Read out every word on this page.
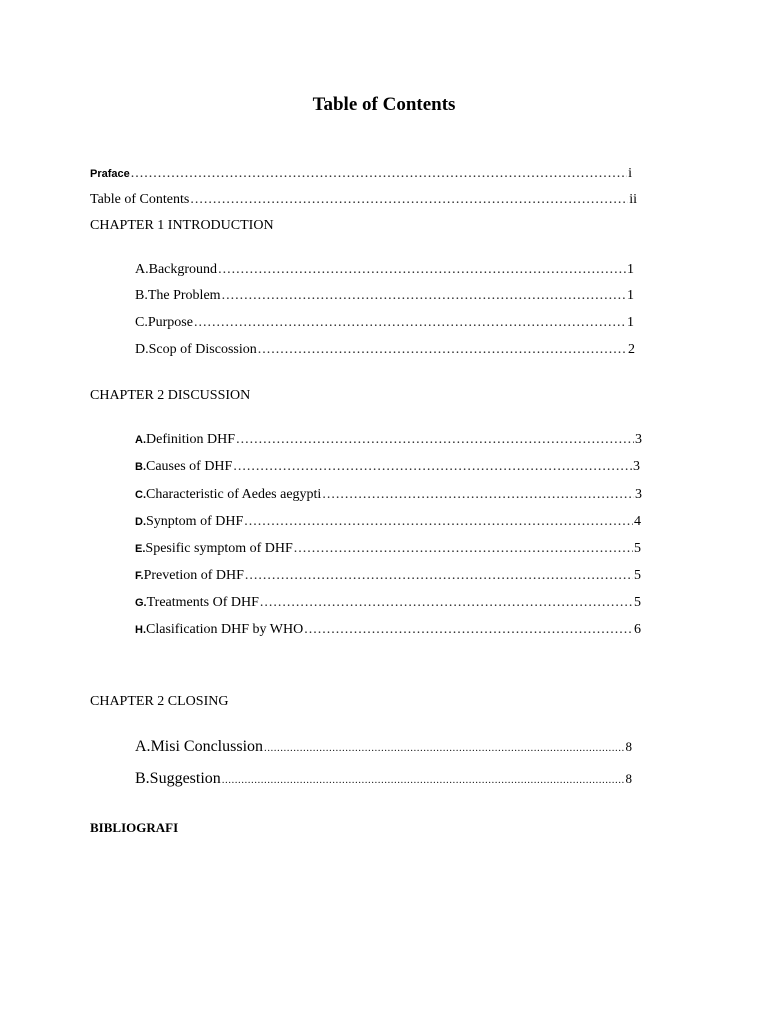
Table of Contents
Praface .....	i
Table of Contents .....	ii
CHAPTER 1 INTRODUCTION
A. Background .....	1
B. The Problem .....	1
C. Purpose .....	1
D. Scop of Discossion .....	2
CHAPTER 2 DISCUSSION
A. Definition DHF .....	3
B. Causes of DHF .....	3
C. Characteristic of Aedes aegypti .....	3
D. Synptom of DHF .....	4
E. Spesific symptom of DHF .....	5
F. Prevetion of DHF .....	5
G. Treatments Of DHF .....	5
H. Clasification DHF by WHO .....	6
CHAPTER 2 CLOSING
A. Misi Conclussion .....	8
B. Suggestion .....	8
BIBLIOGRAFI
